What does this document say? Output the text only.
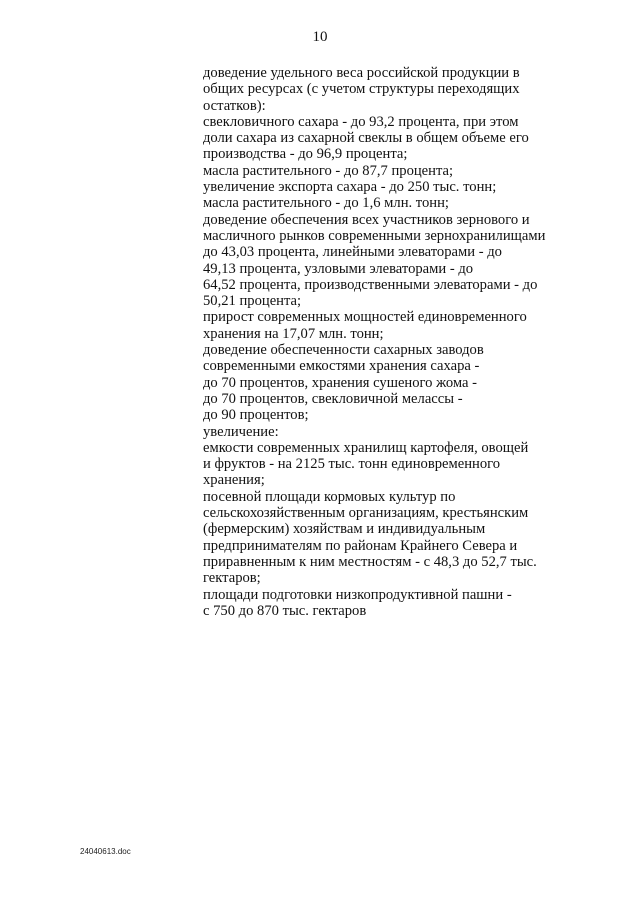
10
доведение удельного веса российской продукции в
общих ресурсах (с учетом структуры переходящих
остатков):
свекловичного сахара - до 93,2 процента, при этом
доли сахара из сахарной свеклы в общем объеме его
производства - до 96,9 процента;
масла растительного - до 87,7 процента;
увеличение экспорта сахара - до 250 тыс. тонн;
масла растительного - до 1,6 млн. тонн;
доведение обеспечения всех участников зернового и
масличного рынков современными зернохранилищами
до 43,03 процента, линейными элеваторами - до
49,13 процента, узловыми элеваторами - до
64,52 процента, производственными элеваторами - до
50,21 процента;
прирост современных мощностей единовременного
хранения на 17,07 млн. тонн;
доведение обеспеченности сахарных заводов
современными емкостями хранения сахара -
до 70 процентов, хранения сушеного жома -
до 70 процентов, свекловичной мелассы -
до 90 процентов;
увеличение:
емкости современных хранилищ картофеля, овощей
и фруктов - на 2125 тыс. тонн единовременного
хранения;
посевной площади кормовых культур по
сельскохозяйственным организациям, крестьянским
(фермерским) хозяйствам и индивидуальным
предпринимателям по районам Крайнего Севера и
приравненным к ним местностям - с 48,3 до 52,7 тыс.
гектаров;
площади подготовки низкопродуктивной пашни -
с 750 до 870 тыс. гектаров
24040613.doc
